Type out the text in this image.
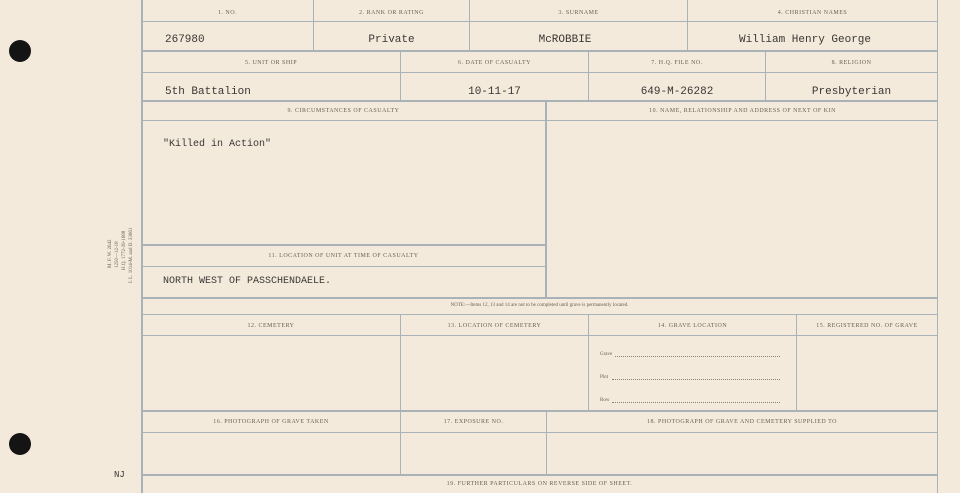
M. F. W. 2642 1250—12-18 H.Q. 1772-39-1688 I. L. 1014-M. and D. 33661
NJ
1. NO.	2. RANK OR RATING	3. SURNAME	4. CHRISTIAN NAMES
267980	Private	McROBBIE	William Henry George
5. UNIT OR SHIP	6. DATE OF CASUALTY	7. H.Q. FILE NO.	8. RELIGION
5th Battalion	10-11-17	649-M-26282	Presbyterian
9. CIRCUMSTANCES OF CASUALTY	10. NAME, RELATIONSHIP AND ADDRESS OF NEXT OF KIN
"Killed in Action"
11. LOCATION OF UNIT AT TIME OF CASUALTY
NORTH WEST OF PASSCHENDAELE.
NOTE:—Items 12, 13 and 14 are not to be completed until grave is permanently located.
12. CEMETERY	13. LOCATION OF CEMETERY	14. GRAVE LOCATION	15. REGISTERED NO. OF GRAVE
Grave
Plot
Row
16. PHOTOGRAPH OF GRAVE TAKEN	17. EXPOSURE NO.	18. PHOTOGRAPH OF GRAVE AND CEMETERY SUPPLIED TO
19. FURTHER PARTICULARS ON REVERSE SIDE OF SHEET.
